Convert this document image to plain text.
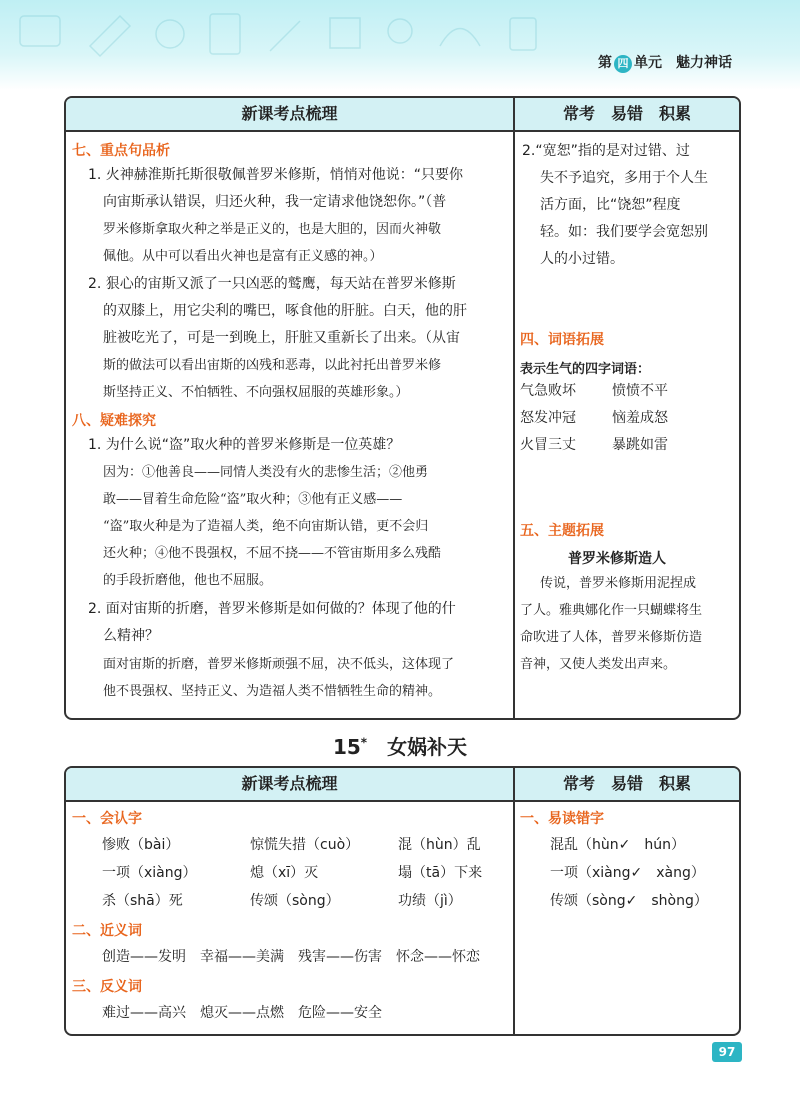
第 四 单元　 魅力神话
新课考点梳理	常考　易错　积累
七、重点句品析
1. 火神赫淮斯托斯很敬佩普罗米修斯，悄悄对他说：“只要你
向宙斯承认错误，归还火种，我一定请求他饶恕你。”（普
罗米修斯拿取火种之举是正义的，也是大胆的，因而火神敬
佩他。从中可以看出火神也是富有正义感的神。）
2. 狠心的宙斯又派了一只凶恶的鹫鹰，每天站在普罗米修斯
的双膝上，用它尖利的嘴巴，啄食他的肝脏。白天，他的肝
脏被吃光了，可是一到晚上，肝脏又重新长了出来。（从宙
斯的做法可以看出宙斯的凶残和恶毒，以此衬托出普罗米修
斯坚持正义、不怕牺牲、不向强权屈服的英雄形象。）
八、疑难探究
1. 为什么说“盗”取火种的普罗米修斯是一位英雄？
因为：①他善良——同情人类没有火的悲惨生活；②他勇
敢——冒着生命危险“盗”取火种；③他有正义感——
“盗”取火种是为了造福人类，绝不向宙斯认错，更不会归
还火种；④他不畏强权，不屈不挠——不管宙斯用多么残酷
的手段折磨他，他也不屈服。
2. 面对宙斯的折磨，普罗米修斯是如何做的？体现了他的什
么精神？
面对宙斯的折磨，普罗米修斯顽强不屈，决不低头，这体现了
他不畏强权、坚持正义、为造福人类不惜牺牲生命的精神。
2.“宽恕”指的是对过错、过
失不予追究，多用于个人生
活方面，比“饶恕”程度
轻。如：我们要学会宽恕别
人的小过错。
四、词语拓展
表示生气的四字词语：
气急败坏	愤愤不平
怒发冲冠	恼羞成怒
火冒三丈	暴跳如雷
五、主题拓展
普罗米修斯造人
传说，普罗米修斯用泥捏成
了人。雅典娜化作一只蝴蝶将生
命吹进了人体，普罗米修斯仿造
音神，又使人类发出声来。
15*　 女娲补天
新课考点梳理	常考　易错　积累
一、会认字
惨败（bài）	惊慌失措（cuò）	混（hùn）乱
一项（xiàng）	熄（xī）灭	塌（tā）下来
杀（shā）死	传颂（sòng）	功绩（jì）
二、近义词
创造——发明　幸福——美满　残害——伤害　怀念——怀恋
三、反义词
难过——高兴　熄灭——点燃　危险——安全
一、易读错字
混乱（hùn✓　 hún）
一项（xiàng✓　 xàng）
传颂（sòng✓　 shòng）
97
